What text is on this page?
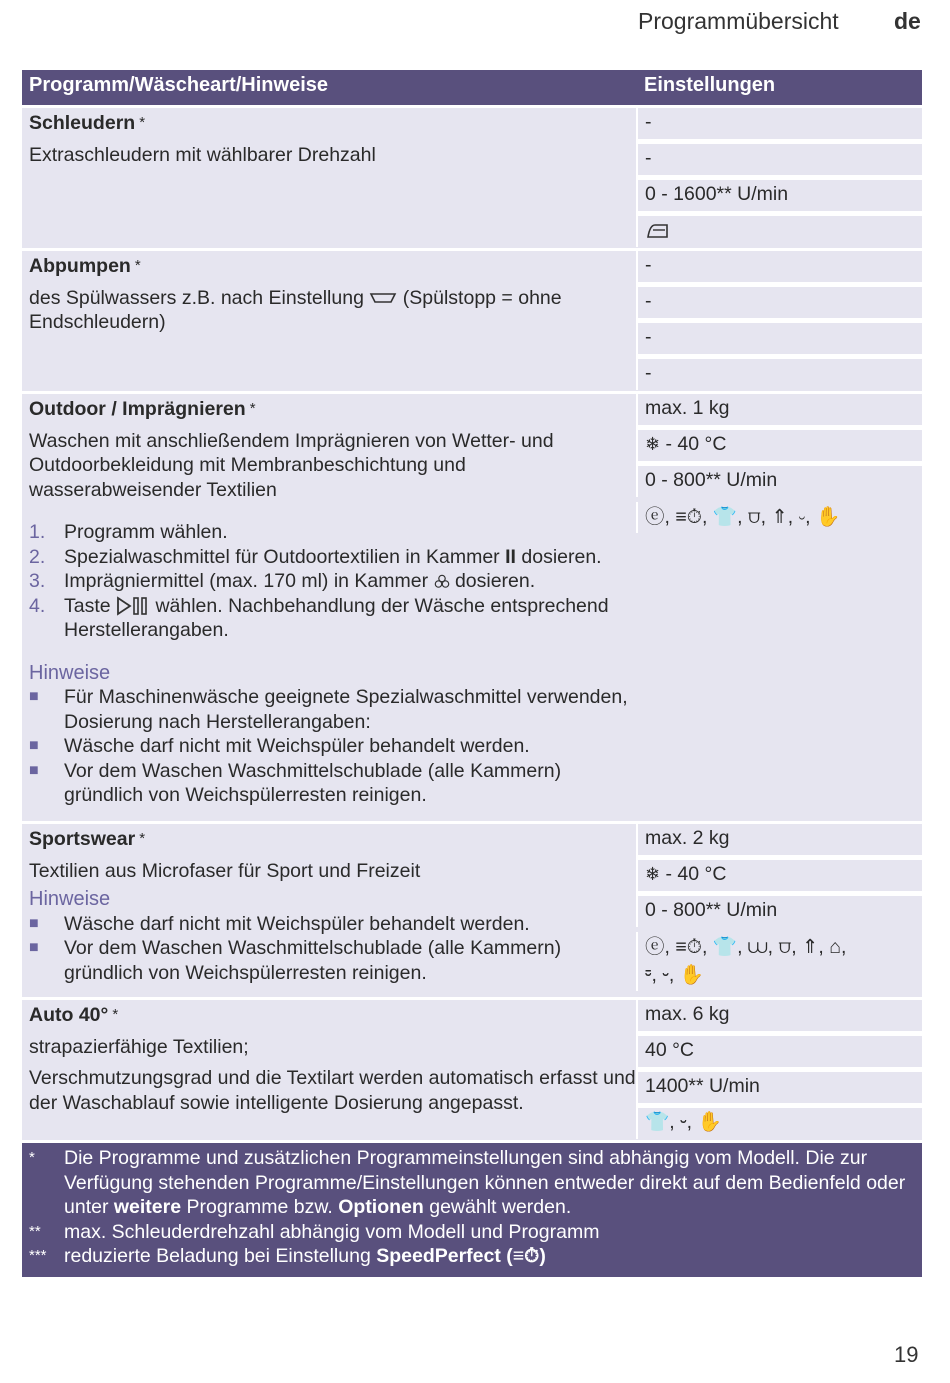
Programmübersicht de
Programm/Wäscheart/Hinweise	Einstellungen
Schleudern *
Extraschleudern mit wählbarer Drehzahl
-
-
0 - 1600** U/min
Abpumpen *
des Spülwassers z.B. nach Einstellung (Spülstopp = ohne Endschleudern)
-
-
-
-
Outdoor / Imprägnieren *
Waschen mit anschließendem Imprägnieren von Wetter- und Outdoorbekleidung mit Membranbeschichtung und wasserabweisender Textilien
1. Programm wählen.
2. Spezialwaschmittel für Outdoortextilien in Kammer II dosieren.
3. Imprägniermittel (max. 170 ml) in Kammer dosieren.
4. Taste wählen. Nachbehandlung der Wäsche entsprechend Herstellerangaben.
Hinweise
■ Für Maschinenwäsche geeignete Spezialwaschmittel verwenden, Dosierung nach Herstellerangaben:
■ Wäsche darf nicht mit Weichspüler behandelt werden.
■ Vor dem Waschen Waschmittelschublade (alle Kammern) gründlich von Weichspülerresten reinigen.
max. 1 kg
❄ - 40 °C
0 - 800** U/min
ⓔ, ≡⏱, 👕, ⩌, ⇑, ⏑, ✋
Sportswear *
Textilien aus Microfaser für Sport und Freizeit
Hinweise
■ Wäsche darf nicht mit Weichspüler behandelt werden.
■ Vor dem Waschen Waschmittelschublade (alle Kammern) gründlich von Weichspülerresten reinigen.
max. 2 kg
❄ - 40 °C
0 - 800** U/min
ⓔ, ≡⏱, 👕, ⩊, ⩌, ⇑, ⌂,
⏒, ⏑, ✋
Auto 40° *
strapazierfähige Textilien;
Verschmutzungsgrad und die Textilart werden automatisch erfasst und der Waschablauf sowie intelligente Dosierung angepasst.
max. 6 kg
40 °C
1400** U/min
👕, ⏑, ✋
* Die Programme und zusätzlichen Programmeinstellungen sind abhängig vom Modell. Die zur Verfügung stehenden Programme/Einstellungen können entweder direkt auf dem Bedienfeld oder unter weitere Programme bzw. Optionen gewählt werden.
** max. Schleuderdrehzahl abhängig vom Modell und Programm
*** reduzierte Beladung bei Einstellung SpeedPerfect (≡⏱)
19
